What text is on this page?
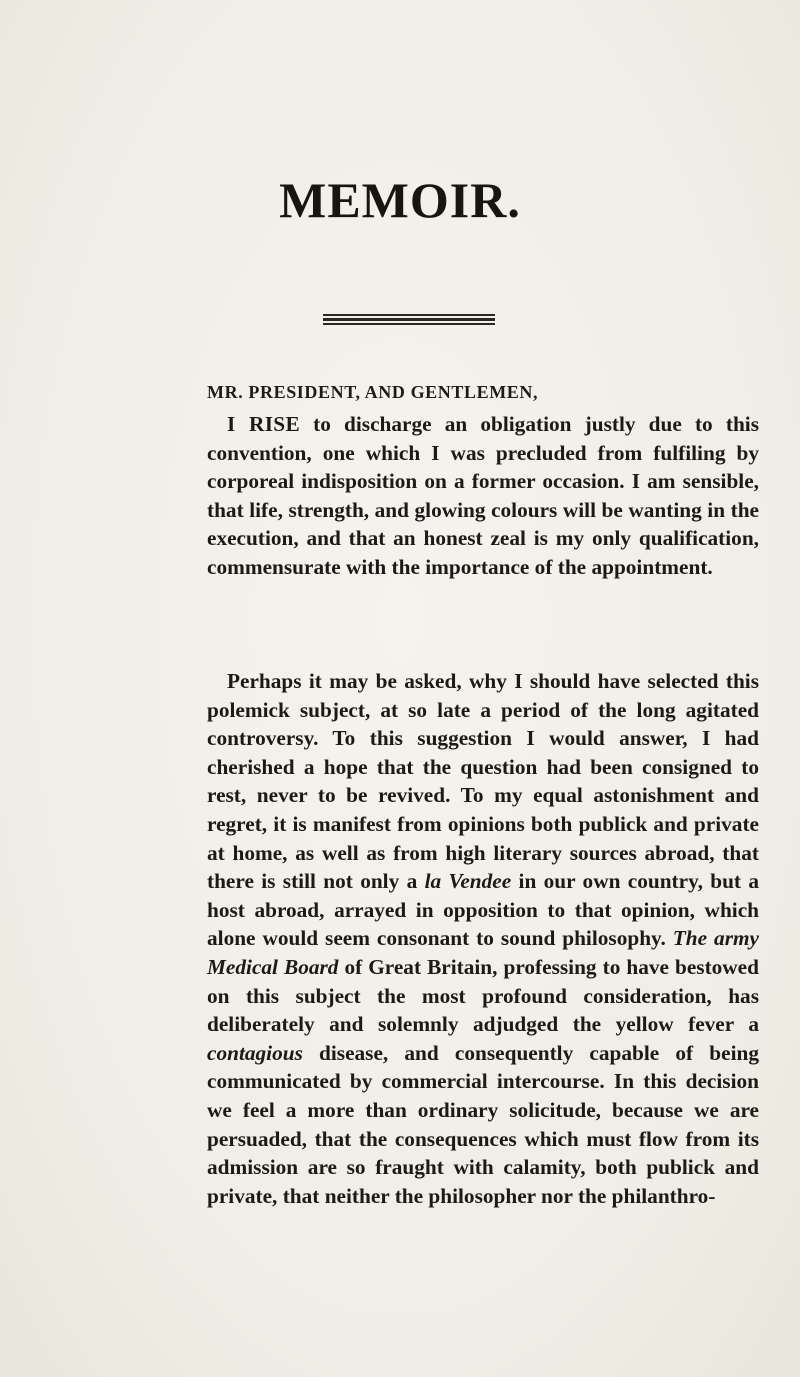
MEMOIR.
MR. PRESIDENT, AND GENTLEMEN,
I RISE to discharge an obligation justly due to this convention, one which I was precluded from fulfiling by corporeal indisposition on a former occasion. I am sensible, that life, strength, and glowing colours will be wanting in the execution, and that an honest zeal is my only qualification, commensurate with the importance of the appointment.
Perhaps it may be asked, why I should have selected this polemick subject, at so late a period of the long agitated controversy. To this suggestion I would answer, I had cherished a hope that the question had been consigned to rest, never to be revived. To my equal astonishment and regret, it is manifest from opinions both publick and private at home, as well as from high literary sources abroad, that there is still not only a la Vendee in our own country, but a host abroad, arrayed in opposition to that opinion, which alone would seem consonant to sound philosophy. The army Medical Board of Great Britain, professing to have bestowed on this subject the most profound consideration, has deliberately and solemnly adjudged the yellow fever a contagious disease, and consequently capable of being communicated by commercial intercourse. In this decision we feel a more than ordinary solicitude, because we are persuaded, that the consequences which must flow from its admission are so fraught with calamity, both publick and private, that neither the philosopher nor the philanthro-
